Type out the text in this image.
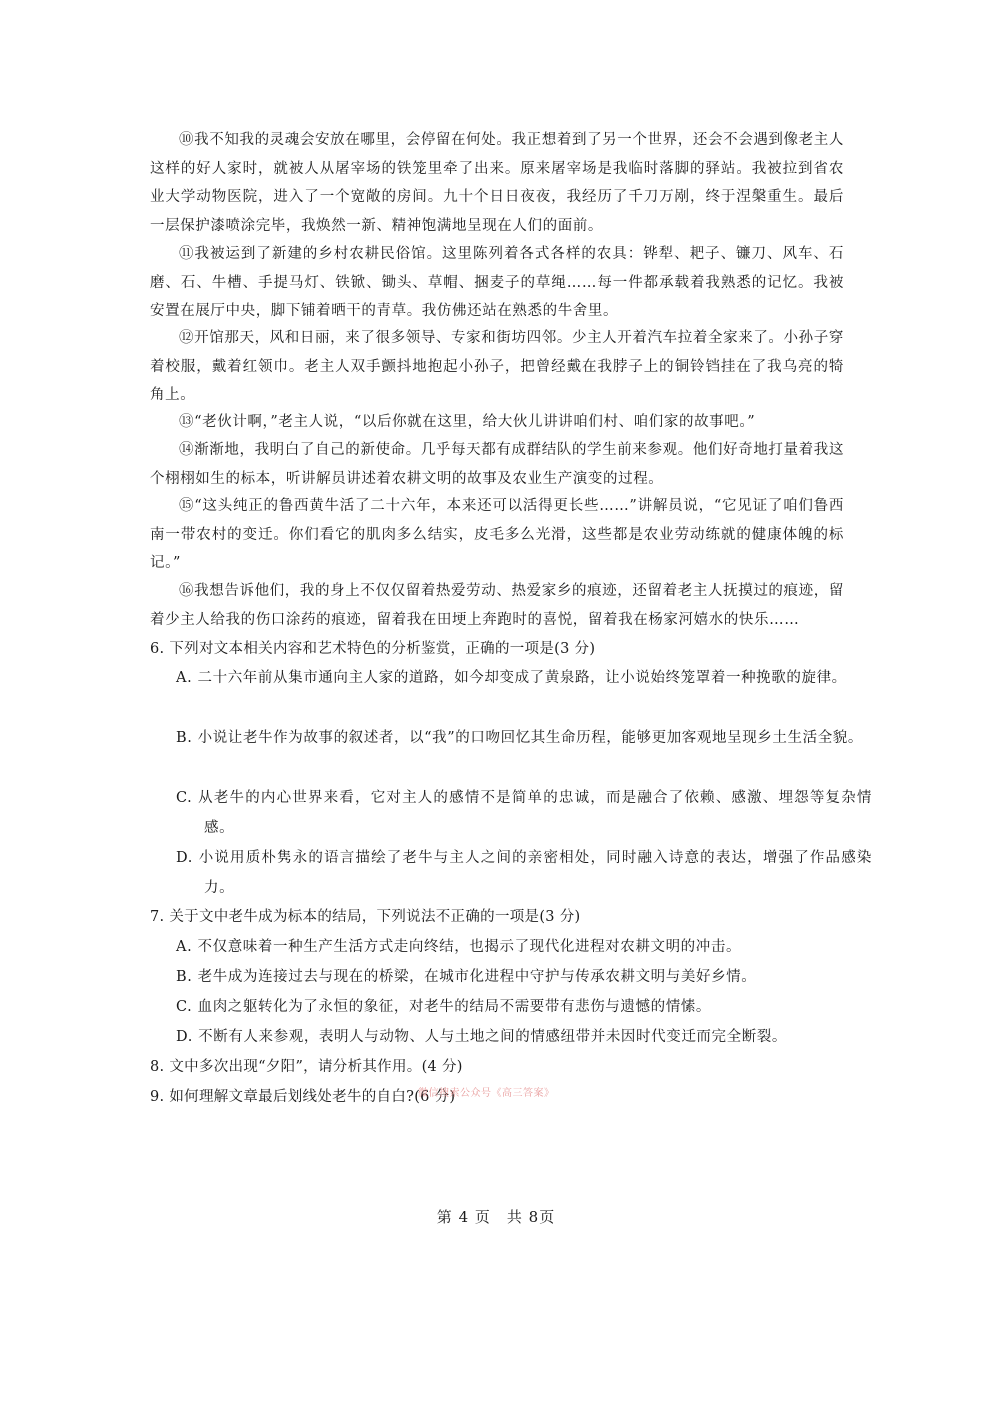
⑩我不知我的灵魂会安放在哪里，会停留在何处。我正想着到了另一个世界，还会不会遇到像老主人这样的好人家时，就被人从屠宰场的铁笼里牵了出来。原来屠宰场是我临时落脚的驿站。我被拉到省农业大学动物医院，进入了一个宽敞的房间。九十个日日夜夜，我经历了千刀万剐，终于涅槃重生。最后一层保护漆喷涂完毕，我焕然一新、精神饱满地呈现在人们的面前。
⑪我被运到了新建的乡村农耕民俗馆。这里陈列着各式各样的农具：铧犁、耙子、镰刀、风车、石磨、石、牛槽、手提马灯、铁锨、锄头、草帽、捆麦子的草绳……每一件都承载着我熟悉的记忆。我被安置在展厅中央，脚下铺着晒干的青草。我仿佛还站在熟悉的牛舍里。
⑫开馆那天，风和日丽，来了很多领导、专家和街坊四邻。少主人开着汽车拉着全家来了。小孙子穿着校服，戴着红领巾。老主人双手颤抖地抱起小孙子，把曾经戴在我脖子上的铜铃铛挂在了我乌亮的犄角上。
⑬“老伙计啊，”老主人说，“以后你就在这里，给大伙儿讲讲咱们村、咱们家的故事吧。”
⑭渐渐地，我明白了自己的新使命。几乎每天都有成群结队的学生前来参观。他们好奇地打量着我这个栩栩如生的标本，听讲解员讲述着农耕文明的故事及农业生产演变的过程。
⑮“这头纯正的鲁西黄牛活了二十六年，本来还可以活得更长些……”讲解员说，“它见证了咱们鲁西南一带农村的变迁。你们看它的肌肉多么结实，皮毛多么光滑，这些都是农业劳动练就的健康体魄的标记。”
⑯我想告诉他们，我的身上不仅仅留着热爱劳动、热爱家乡的痕迹，还留着老主人抚摸过的痕迹，留着少主人给我的伤口涂药的痕迹，留着我在田埂上奔跑时的喜悦，留着我在杨家河嬉水的快乐……
6. 下列对文本相关内容和艺术特色的分析鉴赏，正确的一项是(3 分)
A. 二十六年前从集市通向主人家的道路，如今却变成了黄泉路，让小说始终笼罩着一种挽歌的旋律。
B. 小说让老牛作为故事的叙述者，以“我”的口吻回忆其生命历程，能够更加客观地呈现乡土生活全貌。
C. 从老牛的内心世界来看，它对主人的感情不是简单的忠诚，而是融合了依赖、感激、埋怨等复杂情感。
D. 小说用质朴隽永的语言描绘了老牛与主人之间的亲密相处，同时融入诗意的表达，增强了作品感染力。
7. 关于文中老牛成为标本的结局，下列说法不正确的一项是(3 分)
A. 不仅意味着一种生产生活方式走向终结，也揭示了现代化进程对农耕文明的冲击。
B. 老牛成为连接过去与现在的桥梁，在城市化进程中守护与传承农耕文明与美好乡情。
C. 血肉之躯转化为了永恒的象征，对老牛的结局不需要带有悲伤与遗憾的情愫。
D. 不断有人来参观，表明人与动物、人与土地之间的情感纽带并未因时代变迁而完全断裂。
8. 文中多次出现“夕阳”，请分析其作用。(4 分)
9. 如何理解文章最后划线处老牛的自白?(6 分)
微信搜索公众号《高三答案》
第 4 页　共 8页
